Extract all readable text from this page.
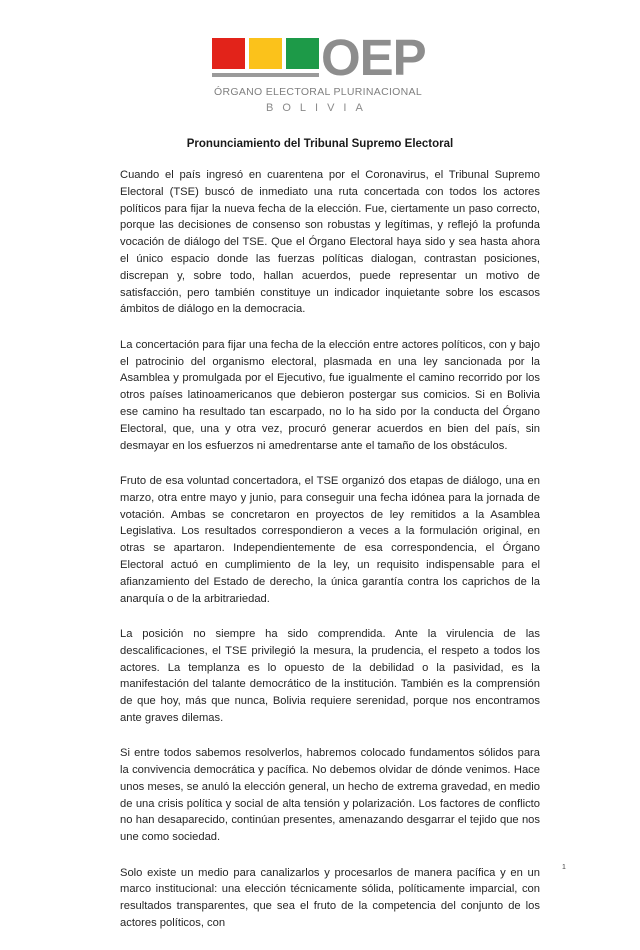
OEP
ÓRGANO ELECTORAL PLURINACIONAL
BOLIVIA
Pronunciamiento del Tribunal Supremo Electoral

Cuando el país ingresó en cuarentena por el Coronavirus, el Tribunal Supremo Electoral (TSE) buscó de inmediato una ruta concertada con todos los actores políticos para fijar la nueva fecha de la elección. Fue, ciertamente un paso correcto, porque las decisiones de consenso son robustas y legítimas, y reflejó la profunda vocación de diálogo del TSE. Que el Órgano Electoral haya sido y sea hasta ahora el único espacio donde las fuerzas políticas dialogan, contrastan posiciones, discrepan y, sobre todo, hallan acuerdos, puede representar un motivo de satisfacción, pero también constituye un indicador inquietante sobre los escasos ámbitos de diálogo en la democracia.

La concertación para fijar una fecha de la elección entre actores políticos, con y bajo el patrocinio del organismo electoral, plasmada en una ley sancionada por la Asamblea y promulgada por el Ejecutivo, fue igualmente el camino recorrido por los otros países latinoamericanos que debieron postergar sus comicios. Si en Bolivia ese camino ha resultado tan escarpado, no lo ha sido por la conducta del Órgano Electoral, que, una y otra vez, procuró generar acuerdos en bien del país, sin desmayar en los esfuerzos ni amedrentarse ante el tamaño de los obstáculos.

Fruto de esa voluntad concertadora, el TSE organizó dos etapas de diálogo, una en marzo, otra entre mayo y junio, para conseguir una fecha idónea para la jornada de votación. Ambas se concretaron en proyectos de ley remitidos a la Asamblea Legislativa. Los resultados correspondieron a veces a la formulación original, en otras se apartaron. Independientemente de esa correspondencia, el Órgano Electoral actuó en cumplimiento de la ley, un requisito indispensable para el afianzamiento del Estado de derecho, la única garantía contra los caprichos de la anarquía o de la arbitrariedad.

La posición no siempre ha sido comprendida. Ante la virulencia de las descalificaciones, el TSE privilegió la mesura, la prudencia, el respeto a todos los actores. La templanza es lo opuesto de la debilidad o la pasividad, es la manifestación del talante democrático de la institución. También es la comprensión de que hoy, más que nunca, Bolivia requiere serenidad, porque nos encontramos ante graves dilemas.

Si entre todos sabemos resolverlos, habremos colocado fundamentos sólidos para la convivencia democrática y pacífica. No debemos olvidar de dónde venimos. Hace unos meses, se anuló la elección general, un hecho de extrema gravedad, en medio de una crisis política y social de alta tensión y polarización. Los factores de conflicto no han desaparecido, continúan presentes, amenazando desgarrar el tejido que nos une como sociedad.

Solo existe un medio para canalizarlos y procesarlos de manera pacífica y en un marco institucional: una elección técnicamente sólida, políticamente imparcial, con resultados transparentes, que sea el fruto de la competencia del conjunto de los actores políticos, con

1
